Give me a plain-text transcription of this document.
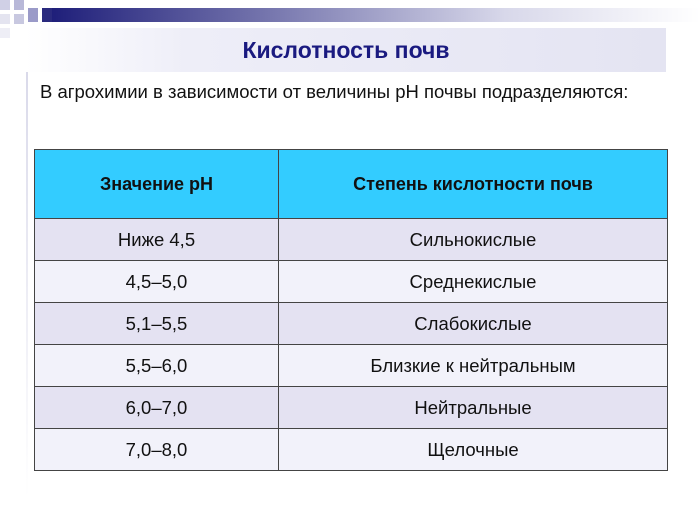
Кислотность почв
В агрохимии в зависимости от величины pH почвы подразделяются:
Значение pH	Степень кислотности почв
Ниже 4,5	Сильнокислые
4,5–5,0	Среднекислые
5,1–5,5	Слабокислые
5,5–6,0	Близкие к нейтральным
6,0–7,0	Нейтральные
7,0–8,0	Щелочные
